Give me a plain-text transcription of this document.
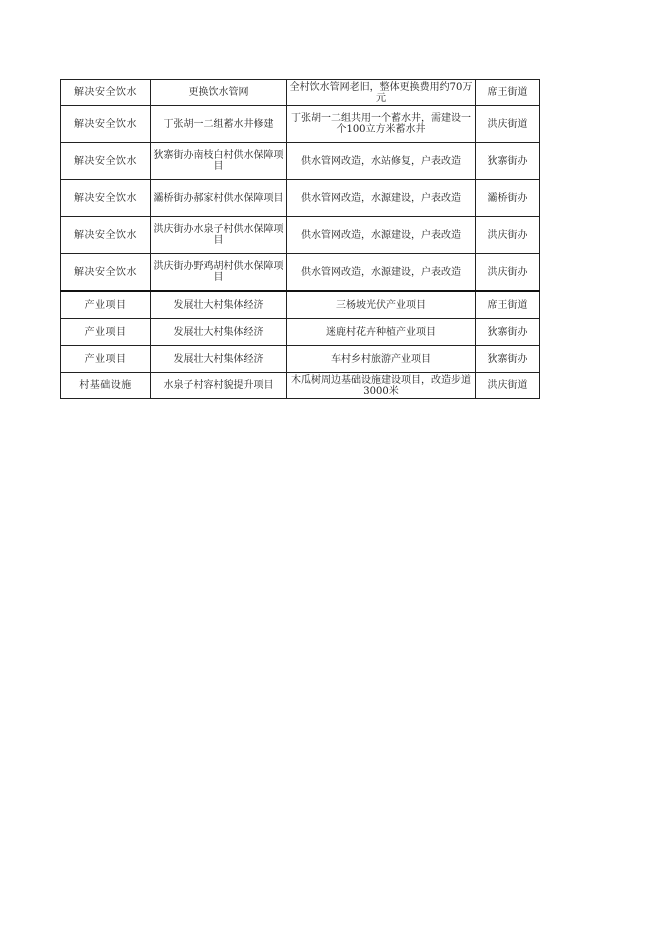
解决安全饮水	更换饮水管网	全村饮水管网老旧，整体更换费用约70万元	席王街道
解决安全饮水	丁张胡一二组蓄水井修建	丁张胡一二组共用一个蓄水井，需建设一个100立方米蓄水井	洪庆街道
解决安全饮水	狄寨街办南枝白村供水保障项目	供水管网改造，水站修复，户表改造	狄寨街办
解决安全饮水	灞桥街办郝家村供水保障项目	供水管网改造，水源建设，户表改造	灞桥街办
解决安全饮水	洪庆街办水泉子村供水保障项目	供水管网改造，水源建设，户表改造	洪庆街办
解决安全饮水	洪庆街办野鸡胡村供水保障项目	供水管网改造，水源建设，户表改造	洪庆街办
产业项目	发展壮大村集体经济	三杨坡光伏产业项目	席王街道
产业项目	发展壮大村集体经济	迷鹿村花卉种植产业项目	狄寨街办
产业项目	发展壮大村集体经济	车村乡村旅游产业项目	狄寨街办
村基础设施	水泉子村容村貌提升项目	木瓜树周边基础设施建设项目，改造步道3000米	洪庆街道
